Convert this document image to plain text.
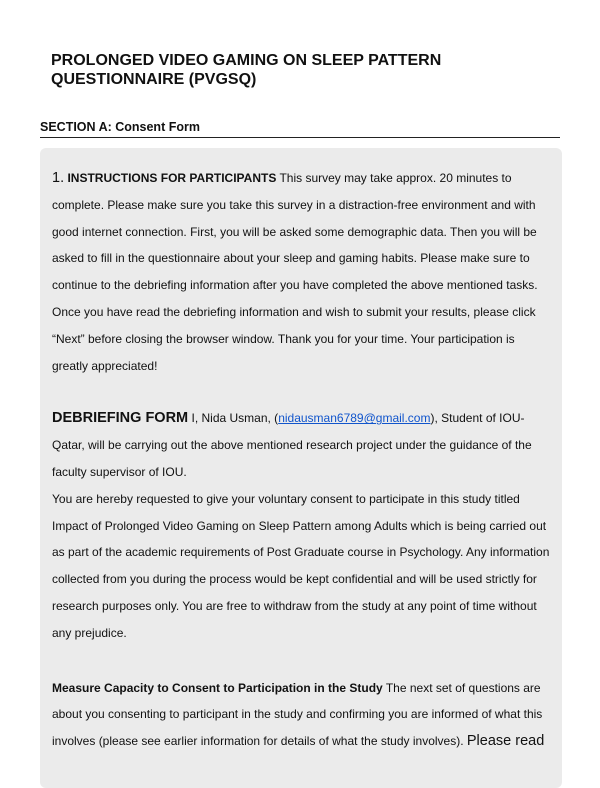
PROLONGED VIDEO GAMING ON SLEEP PATTERN QUESTIONNAIRE (PVGSQ)
SECTION A: Consent Form

1. INSTRUCTIONS FOR PARTICIPANTS This survey may take approx. 20 minutes to complete. Please make sure you take this survey in a distraction-free environment and with good internet connection. First, you will be asked some demographic data. Then you will be asked to fill in the questionnaire about your sleep and gaming habits. Please make sure to continue to the debriefing information after you have completed the above mentioned tasks. Once you have read the debriefing information and wish to submit your results, please click “Next” before closing the browser window. Thank you for your time. Your participation is greatly appreciated!

DEBRIEFING FORM I, Nida Usman, (nidausman6789@gmail.com), Student of IOU-Qatar, will be carrying out the above mentioned research project under the guidance of the faculty supervisor of IOU.

You are hereby requested to give your voluntary consent to participate in this study titled Impact of Prolonged Video Gaming on Sleep Pattern among Adults which is being carried out as part of the academic requirements of Post Graduate course in Psychology. Any information collected from you during the process would be kept confidential and will be used strictly for research purposes only. You are free to withdraw from the study at any point of time without any prejudice.

Measure Capacity to Consent to Participation in the Study The next set of questions are about you consenting to participant in the study and confirming you are informed of what this involves (please see earlier information for details of what the study involves). Please read
